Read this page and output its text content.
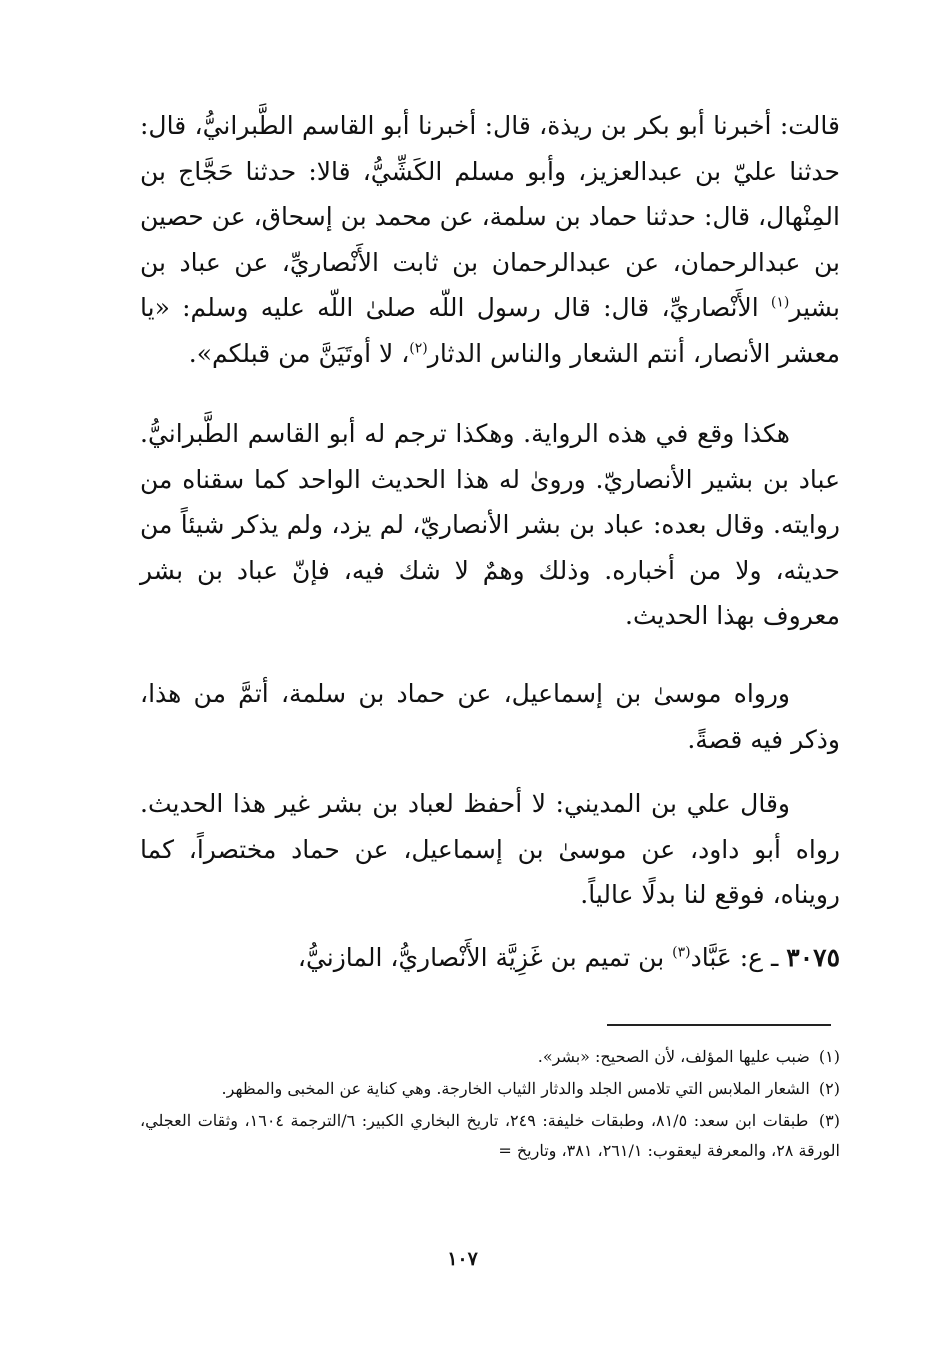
قالت: أخبرنا أبو بكر بن ريذة، قال: أخبرنا أبو القاسم الطَّبرانيُّ، قال: حدثنا عليّ بن عبدالعزيز، وأبو مسلم الكَشِّيُّ، قالا: حدثنا حَجَّاج بن المِنْهال، قال: حدثنا حماد بن سلمة، عن محمد بن إسحاق، عن حصين بن عبدالرحمان، عن عبدالرحمان بن ثابت الأَنْصاريِّ، عن عباد بن بشير$^{(١)}$ الأَنْصاريِّ، قال: قال رسول اللّه صلىٰ اللّه عليه وسلم: «يا معشر الأنصار، أنتم الشعار والناس الدثار$^{(٢)}$، لا أوتَيَنَّ من قبلكم».

هكذا وقع في هذه الرواية. وهكذا ترجم له أبو القاسم الطَّبرانيُّ. عباد بن بشير الأنصاريّ. وروىٰ له هذا الحديث الواحد كما سقناه من روايته. وقال بعده: عباد بن بشر الأنصاريّ، لم يزد، ولم يذكر شيئاً من حديثه، ولا من أخباره. وذلك وهمٌ لا شك فيه، فإنّ عباد بن بشر معروف بهذا الحديث.

ورواه موسىٰ بن إسماعيل، عن حماد بن سلمة، أتمَّ من هذا، وذكر فيه قصةً.

وقال علي بن المديني: لا أحفظ لعباد بن بشر غير هذا الحديث. رواه أبو داود، عن موسىٰ بن إسماعيل، عن حماد مختصراً، كما رويناه، فوقع لنا بدلًا عالياً.

٣٠٧٥ ـ ع: عَبَّاد$^{(٣)}$ بن تميم بن غَزِيَّة الأَنْصاريُّ، المازنيُّ،

(١) ضبب عليها المؤلف، لأن الصحيح: «بشر».

(٢) الشعار الملابس التي تلامس الجلد والدثار الثياب الخارجة. وهي كناية عن المخبى والمظهر.

(٣) طبقات ابن سعد: ٨١/٥، وطبقات خليفة: ٢٤٩، تاريخ البخاري الكبير: ٦/الترجمة ١٦٠٤، وثقات العجلي، الورقة ٢٨، والمعرفة ليعقوب: ٢٦١/١، ٣٨١، وتاريخ =

١٠٧
